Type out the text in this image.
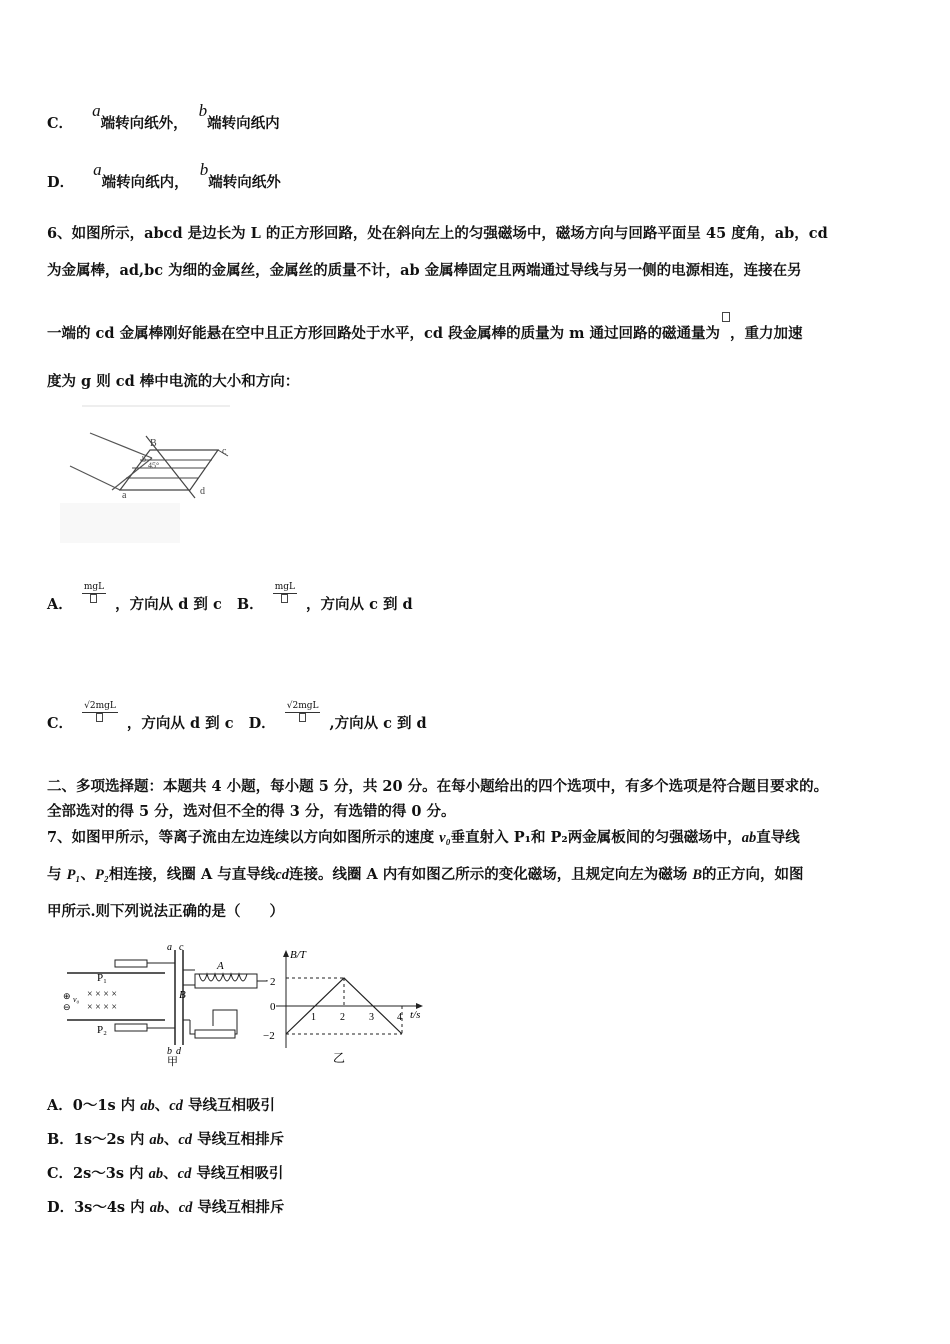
C． a端转向纸外， b端转向纸内
D． a端转向纸内， b端转向纸外
6、如图所示，abcd 是边长为 L 的正方形回路，处在斜向左上的匀强磁场中，磁场方向与回路平面呈 45 度角，ab，cd
为金属棒，ad,bc 为细的金属丝，金属丝的质量不计，ab 金属棒固定且两端通过导线与另一侧的电源相连，连接在另
一端的 cd 金属棒刚好能悬在空中且正方形回路处于水平，cd 段金属棒的质量为 m 通过回路的磁通量为 ，重力加速
度为 g 则 cd 棒中电流的大小和方向：
B
c
d
a
b
45°
A．
mgL
，方向从 d 到 c B．
mgL
，方向从 c 到 d
C．
√2mgL
，方向从 d 到 c D．
√2mgL
,方向从 c 到 d
二、多项选择题：本题共 4 小题，每小题 5 分，共 20 分。在每小题给出的四个选项中，有多个选项是符合题目要求的。
全部选对的得 5 分，选对但不全的得 3 分，有选错的得 0 分。
7、如图甲所示，等离子流由左边连续以方向如图所示的速度 v₀垂直射入 P₁和 P₂两金属板间的匀强磁场中，ab直导线
与 P₁、P₂相连接，线圈 A 与直导线cd连接。线圈 A 内有如图乙所示的变化磁场，且规定向左为磁场 B的正方向，如图
甲所示.则下列说法正确的是（　　）
P₁
P₂
⊕
⊖
v₀ × × × ×
× × × ×
a c
b d
甲
A
B
B/T
t/s
2
0
−2
1 2 3 4
乙
A．0～1s 内 ab、cd 导线互相吸引
B．1s～2s 内 ab、cd 导线互相排斥
C．2s～3s 内 ab、cd 导线互相吸引
D．3s～4s 内 ab、cd 导线互相排斥
